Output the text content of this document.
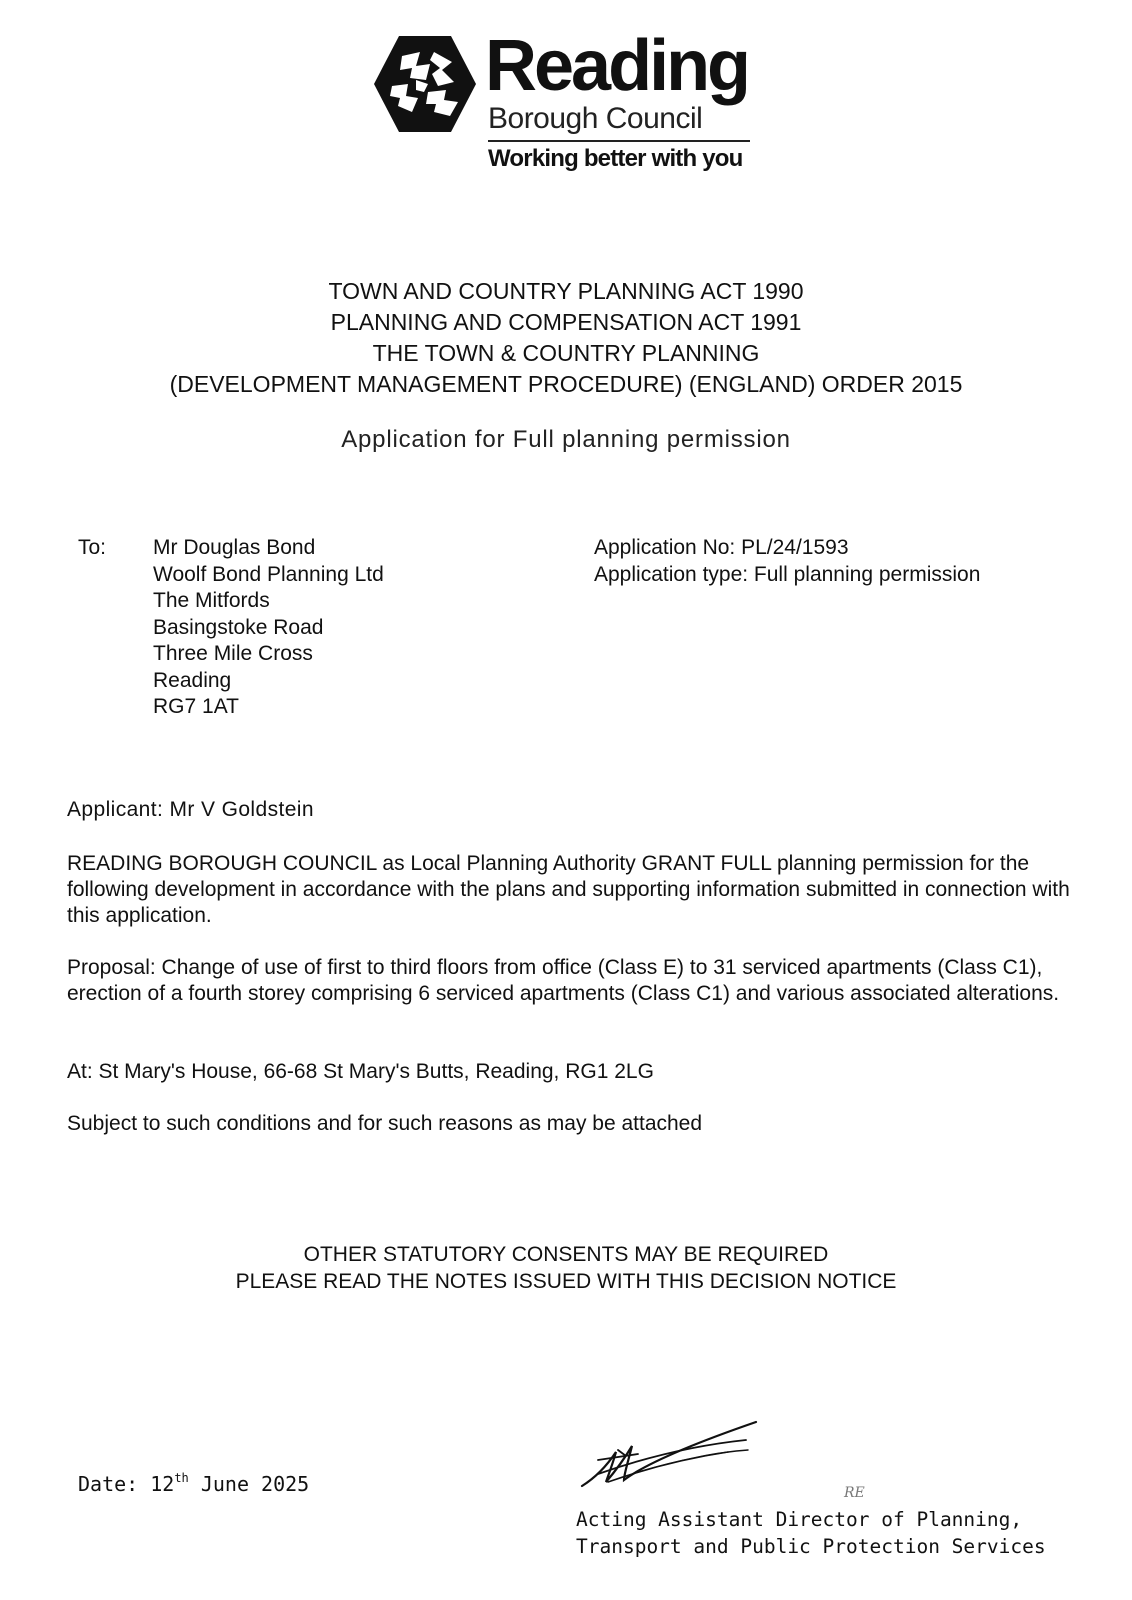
Reading
Borough Council
Working better with you
TOWN AND COUNTRY PLANNING ACT 1990
PLANNING AND COMPENSATION ACT 1991
THE TOWN & COUNTRY PLANNING
(DEVELOPMENT MANAGEMENT PROCEDURE) (ENGLAND) ORDER 2015
Application for Full planning permission
To: Mr Douglas Bond
Woolf Bond Planning Ltd
The Mitfords
Basingstoke Road
Three Mile Cross
Reading
RG7 1AT
Application No: PL/24/1593
Application type: Full planning permission
Applicant: Mr V Goldstein
READING BOROUGH COUNCIL as Local Planning Authority GRANT FULL planning permission for the following development in accordance with the plans and supporting information submitted in connection with this application.
Proposal: Change of use of first to third floors from office (Class E) to 31 serviced apartments (Class C1), erection of a fourth storey comprising 6 serviced apartments (Class C1) and various associated alterations.
At: St Mary's House, 66-68 St Mary's Butts, Reading, RG1 2LG
Subject to such conditions and for such reasons as may be attached
OTHER STATUTORY CONSENTS MAY BE REQUIRED
PLEASE READ THE NOTES ISSUED WITH THIS DECISION NOTICE
Date: 12th June 2025	RE
Acting Assistant Director of Planning,
Transport and Public Protection Services
